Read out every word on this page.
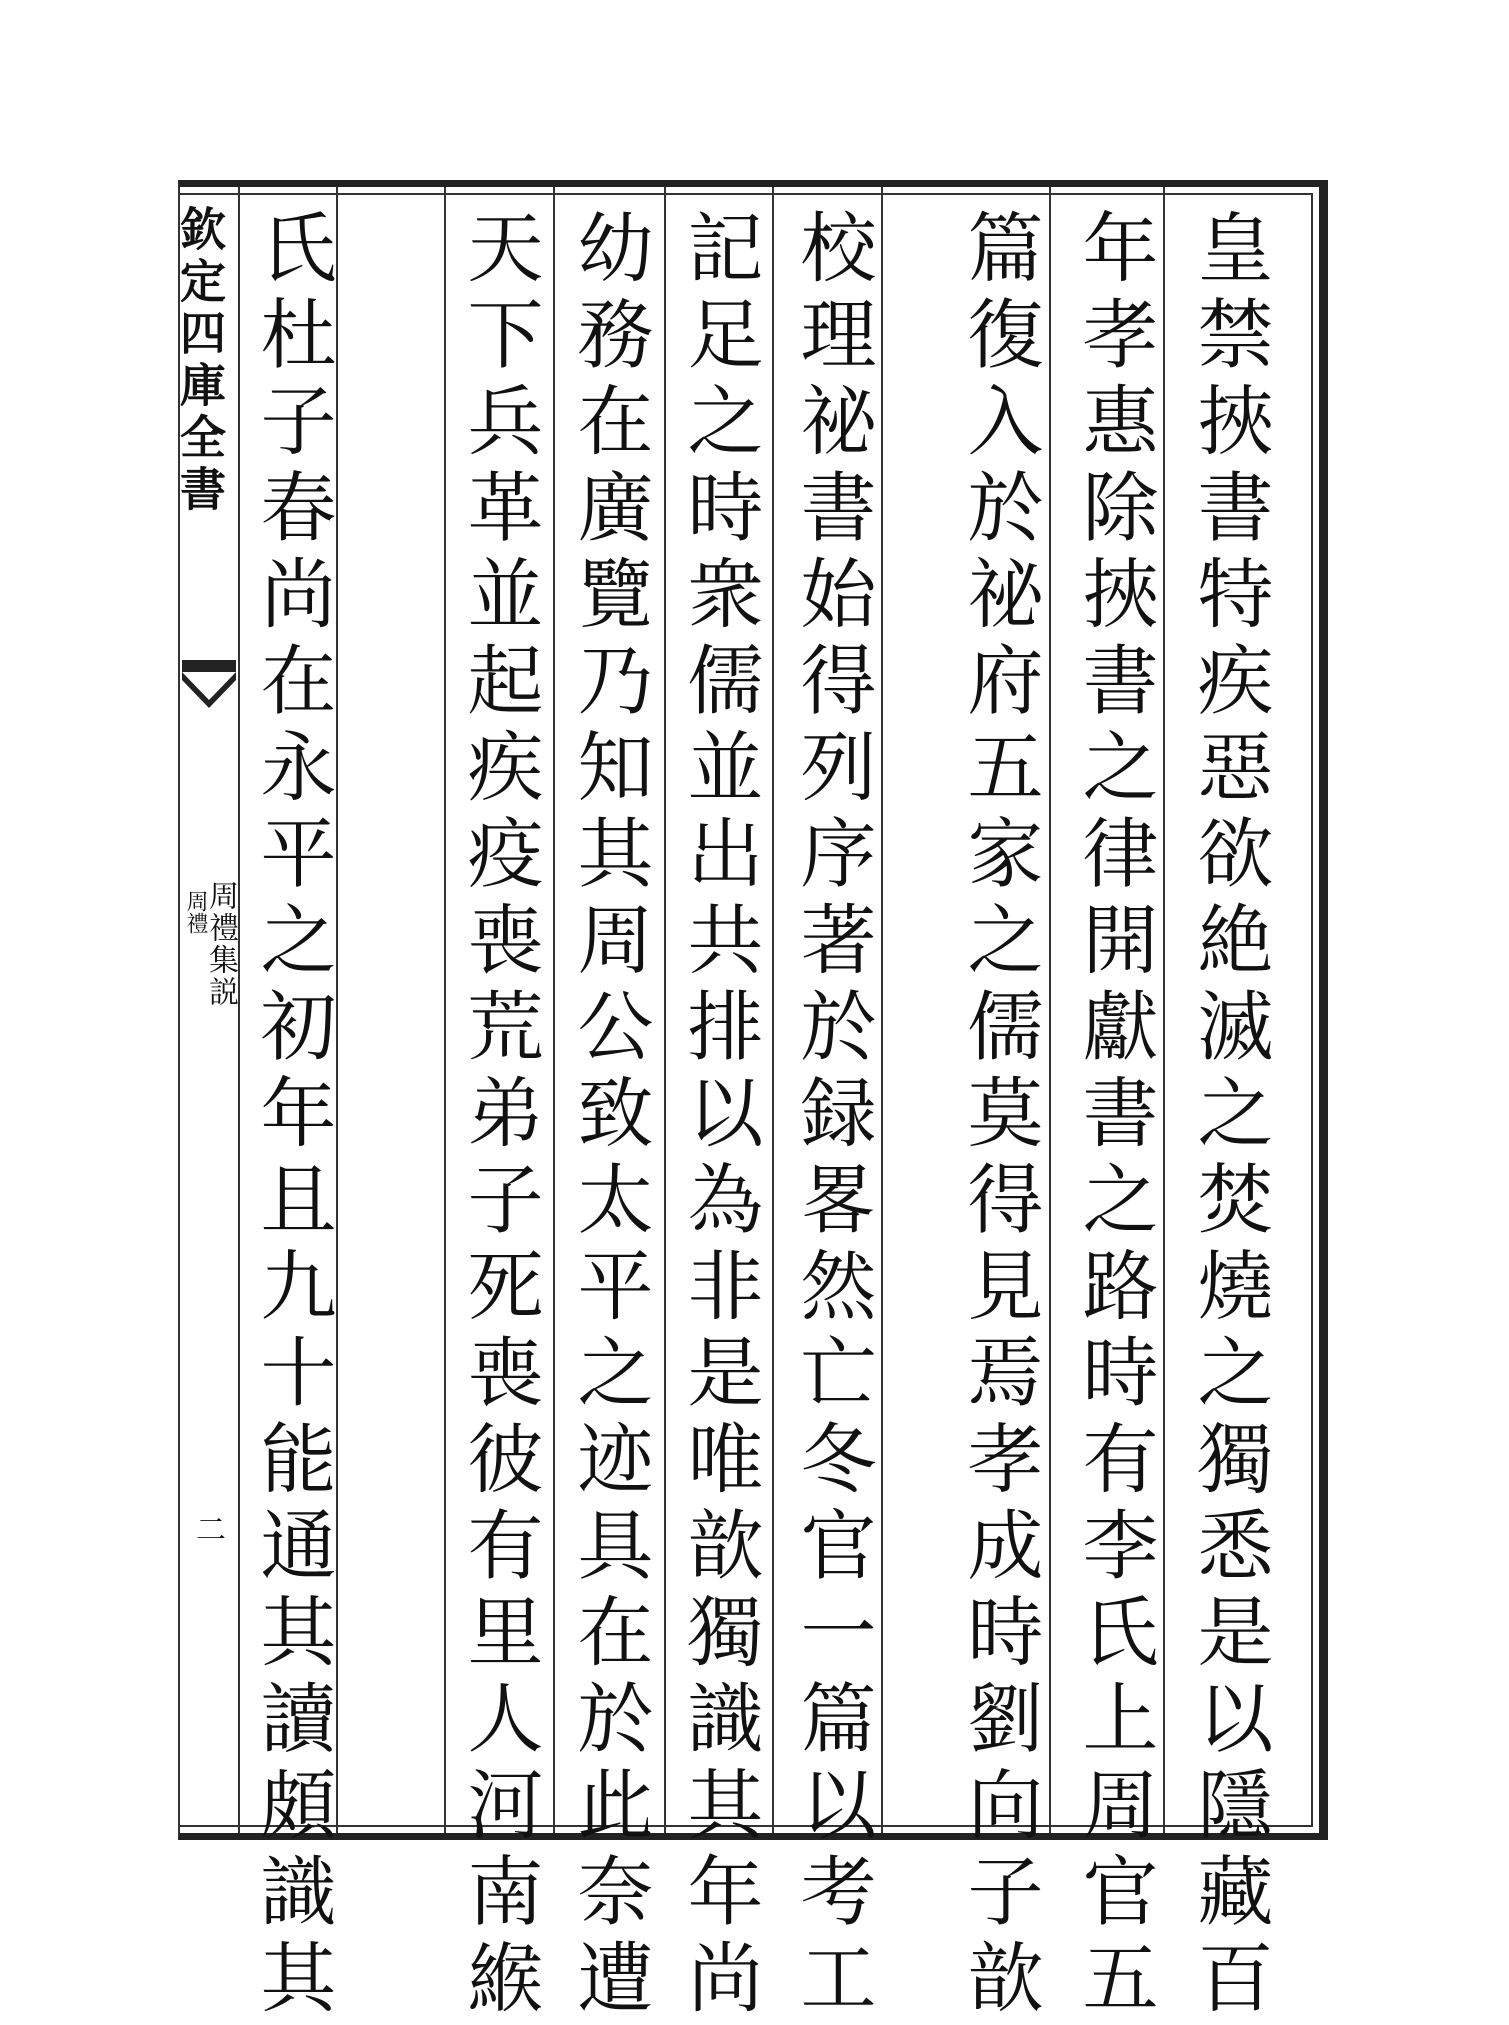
欽定四庫全書
周禮集説
周禮
二	皇禁挾書特疾惡欲絶滅之焚燒之獨悉是以隱藏百
年孝惠除挾書之律開獻書之路時有李氏上周官五
篇復入於祕府五家之儒莫得見焉孝成時劉向子歆
校理祕書始得列序著於録畧然亡冬官一篇以考工
記足之時衆儒並出共排以為非是唯歆獨識其年尚
幼務在廣覽乃知其周公致太平之迹具在於此奈遭
天下兵革並起疾疫喪荒弟子死喪彼有里人河南緱
氏杜子春尚在永平之初年且九十能通其讀頗識其
